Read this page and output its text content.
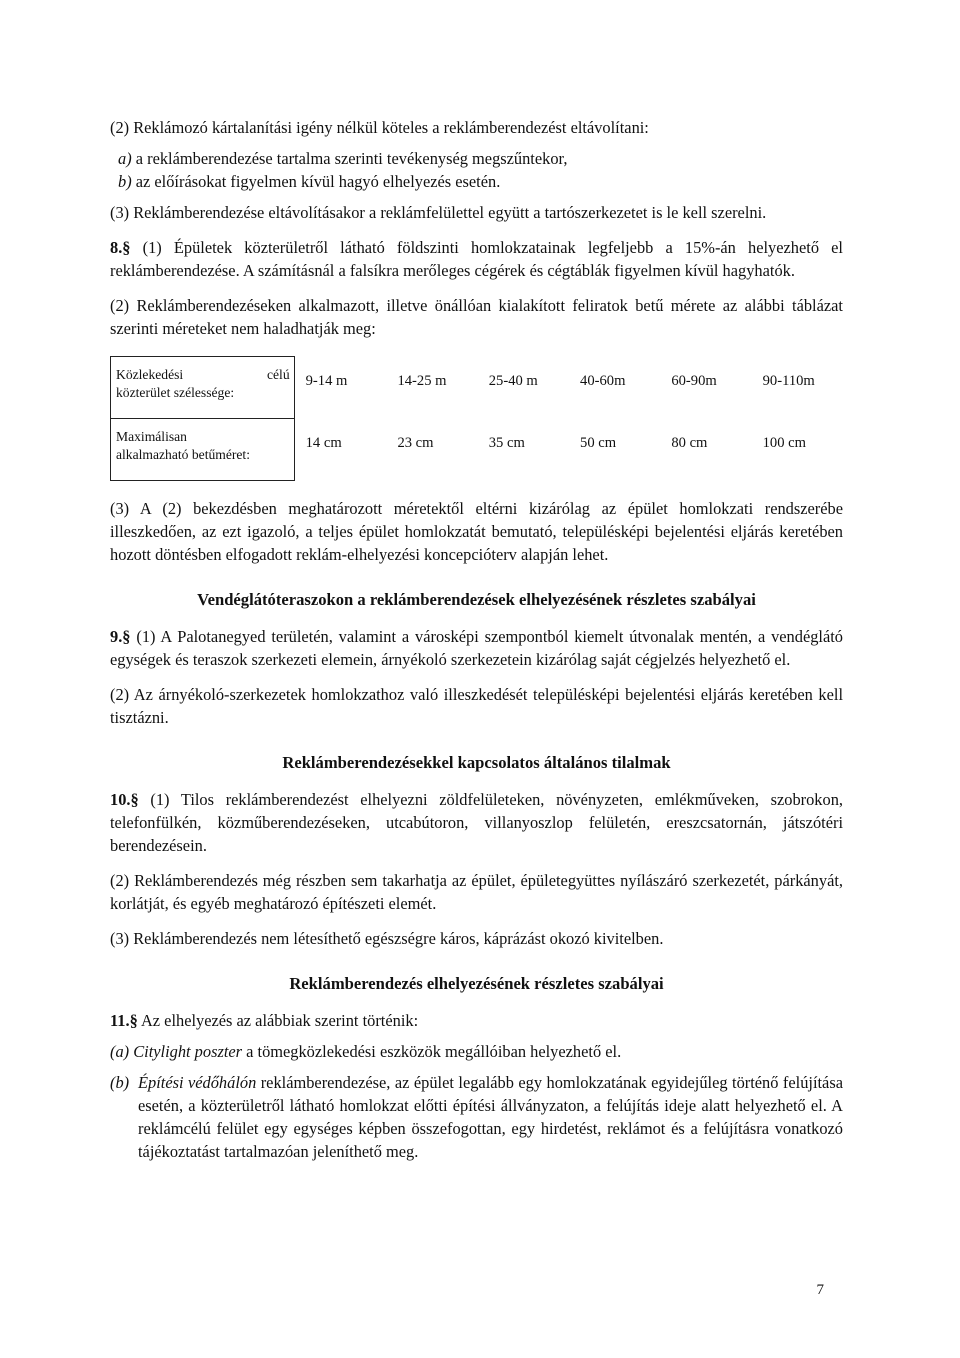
(2) Reklámozó kártalanítási igény nélkül köteles a reklámberendezést eltávolítani:

a) a reklámberendezése tartalma szerinti tevékenység megszűntekor,

b) az előírásokat figyelmen kívül hagyó elhelyezés esetén.

(3) Reklámberendezése eltávolításakor a reklámfelülettel együtt a tartószerkezetet is le kell szerelni.

8.§ (1) Épületek közterületről látható földszinti homlokzatainak legfeljebb a 15%-án helyezhető el reklámberendezése. A számításnál a falsíkra merőleges cégérek és cégtáblák figyelmen kívül hagyhatók.

(2) Reklámberendezéseken alkalmazott, illetve önállóan kialakított feliratok betű mérete az alábbi táblázat szerinti méreteket nem haladhatják meg:

Közlekedési célú
közterület szélessége:	9-14 m	14-25 m	25-40 m	40-60m	60-90m	90-110m

Maximálisan
alkalmazható betűméret:	14 cm	23 cm	35 cm	50 cm	80 cm	100 cm

(3) A (2) bekezdésben meghatározott méretektől eltérni kizárólag az épület homlokzati rendszerébe illeszkedően, az ezt igazoló, a teljes épület homlokzatát bemutató, településképi bejelentési eljárás keretében hozott döntésben elfogadott reklám-elhelyezési koncepcióterv alapján lehet.

Vendéglátóteraszokon a reklámberendezések elhelyezésének részletes szabályai

9.§ (1) A Palotanegyed területén, valamint a városképi szempontból kiemelt útvonalak mentén, a vendéglátó egységek és teraszok szerkezeti elemein, árnyékoló szerkezetein kizárólag saját cégjelzés helyezhető el.

(2) Az árnyékoló-szerkezetek homlokzathoz való illeszkedését településképi bejelentési eljárás keretében kell tisztázni.

Reklámberendezésekkel kapcsolatos általános tilalmak

10.§ (1) Tilos reklámberendezést elhelyezni zöldfelületeken, növényzeten, emlékműveken, szobrokon, telefonfülkén, közműberendezéseken, utcabútoron, villanyoszlop felületén, ereszcsatornán, játszótéri berendezésein.

(2) Reklámberendezés még részben sem takarhatja az épület, épületegyüttes nyílászáró szerkezetét, párkányát, korlátját, és egyéb meghatározó építészeti elemét.

(3) Reklámberendezés nem létesíthető egészségre káros, káprázást okozó kivitelben.

Reklámberendezés elhelyezésének részletes szabályai

11.§ Az elhelyezés az alábbiak szerint történik:

(a) Citylight poszter a tömegközlekedési eszközök megállóiban helyezhető el.

(b)Építési védőhálón reklámberendezése, az épület legalább egy homlokzatának egyidejűleg történő felújítása esetén, a közterületről látható homlokzat előtti építési állványzaton, a felújítás ideje alatt helyezhető el. A reklámcélú felület egy egységes képben összefogottan, egy hirdetést, reklámot és a felújításra vonatkozó tájékoztatást tartalmazóan jeleníthető meg.

7
